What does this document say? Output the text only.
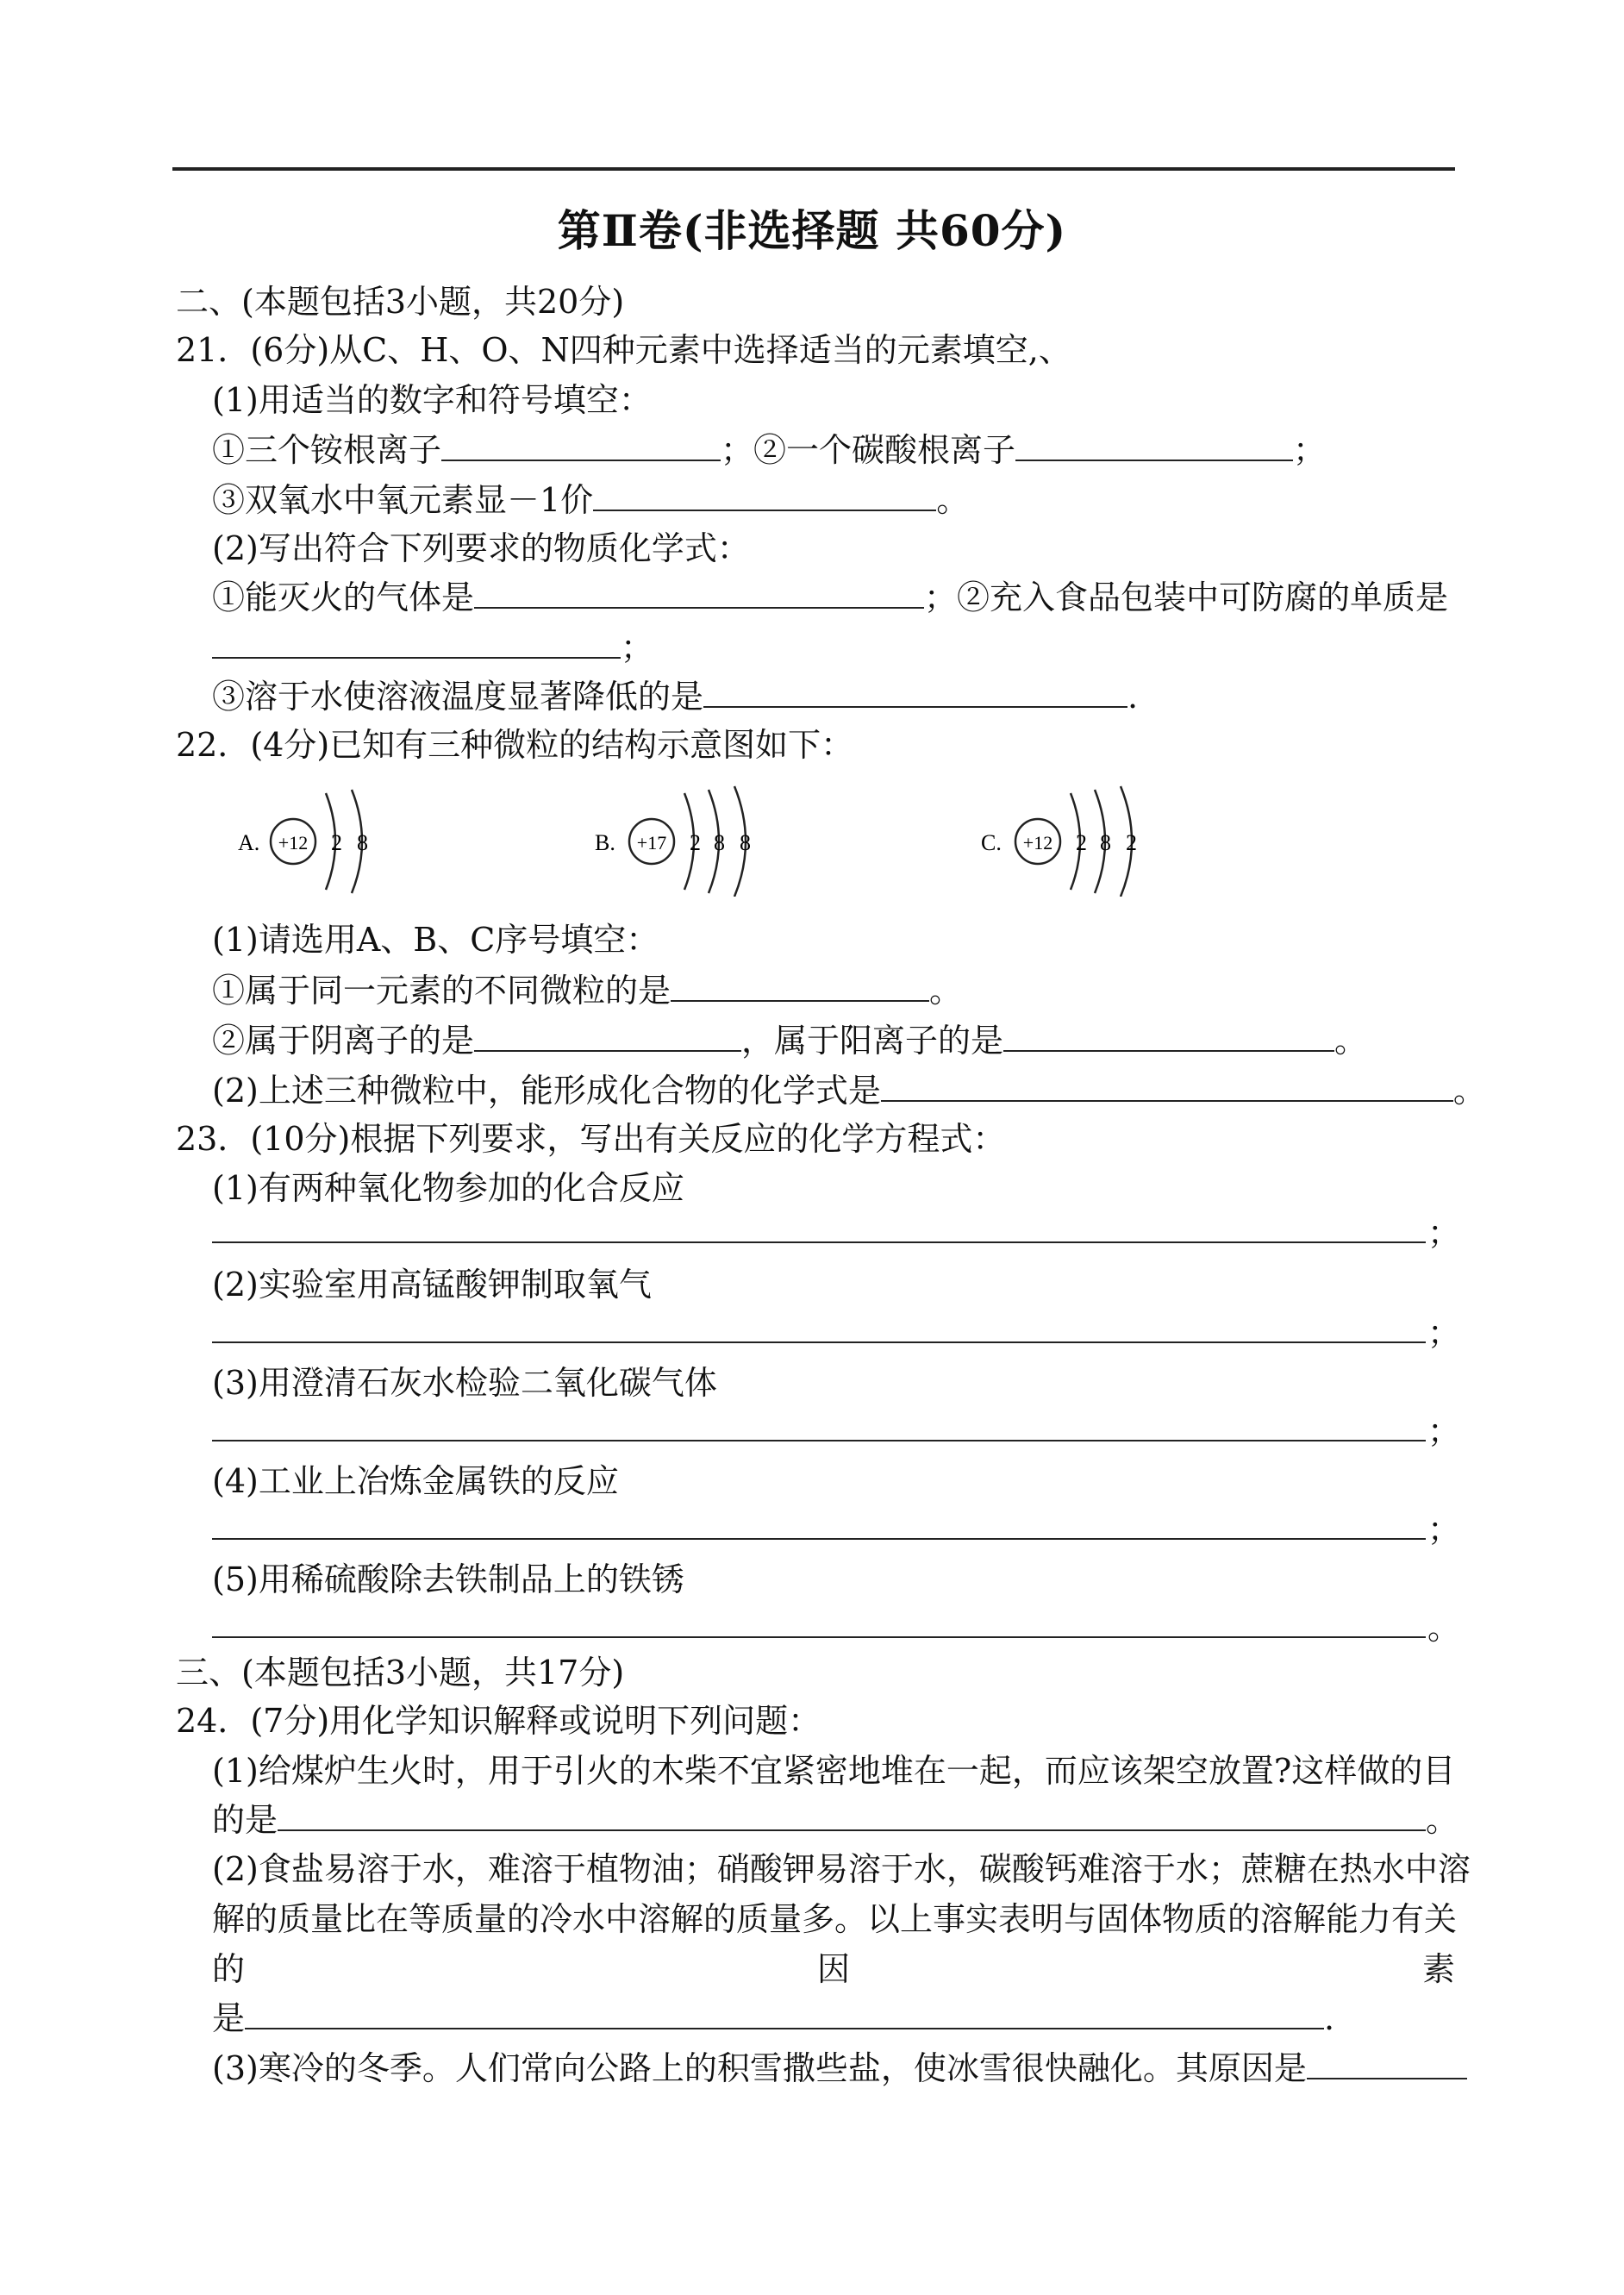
第Ⅱ卷(非选择题 共60分)
二、(本题包括3小题，共20分)
21．(6分)从C、H、O、N四种元素中选择适当的元素填空,、
(1)用适当的数字和符号填空：
①三个铵根离子	；②一个碳酸根离子	；
③双氧水中氧元素显－1价	。
(2)写出符合下列要求的物质化学式：
①能灭火的气体是	；②充入食品包装中可防腐的单质是
；
③溶于水使溶液温度显著降低的是	.
22．(4分)已知有三种微粒的结构示意图如下：
A. +12 2 8	B. +17 2 8 8	C. +12 2 8 2
(1)请选用A、B、C序号填空：
①属于同一元素的不同微粒的是	。
②属于阴离子的是	，属于阳离子的是	。
(2)上述三种微粒中，能形成化合物的化学式是	。
23．(10分)根据下列要求，写出有关反应的化学方程式：
(1)有两种氧化物参加的化合反应
；
(2)实验室用高锰酸钾制取氧气
；
(3)用澄清石灰水检验二氧化碳气体
；
(4)工业上冶炼金属铁的反应
；
(5)用稀硫酸除去铁制品上的铁锈
。
三、(本题包括3小题，共17分)
24．(7分)用化学知识解释或说明下列问题：
(1)给煤炉生火时，用于引火的木柴不宜紧密地堆在一起，而应该架空放置?这样做的目
的是	。
(2)食盐易溶于水，难溶于植物油；硝酸钾易溶于水，碳酸钙难溶于水；蔗糖在热水中溶
解的质量比在等质量的冷水中溶解的质量多。以上事实表明与固体物质的溶解能力有关
的	因	素
是	.
(3)寒冷的冬季。人们常向公路上的积雪撒些盐，使冰雪很快融化。其原因是
